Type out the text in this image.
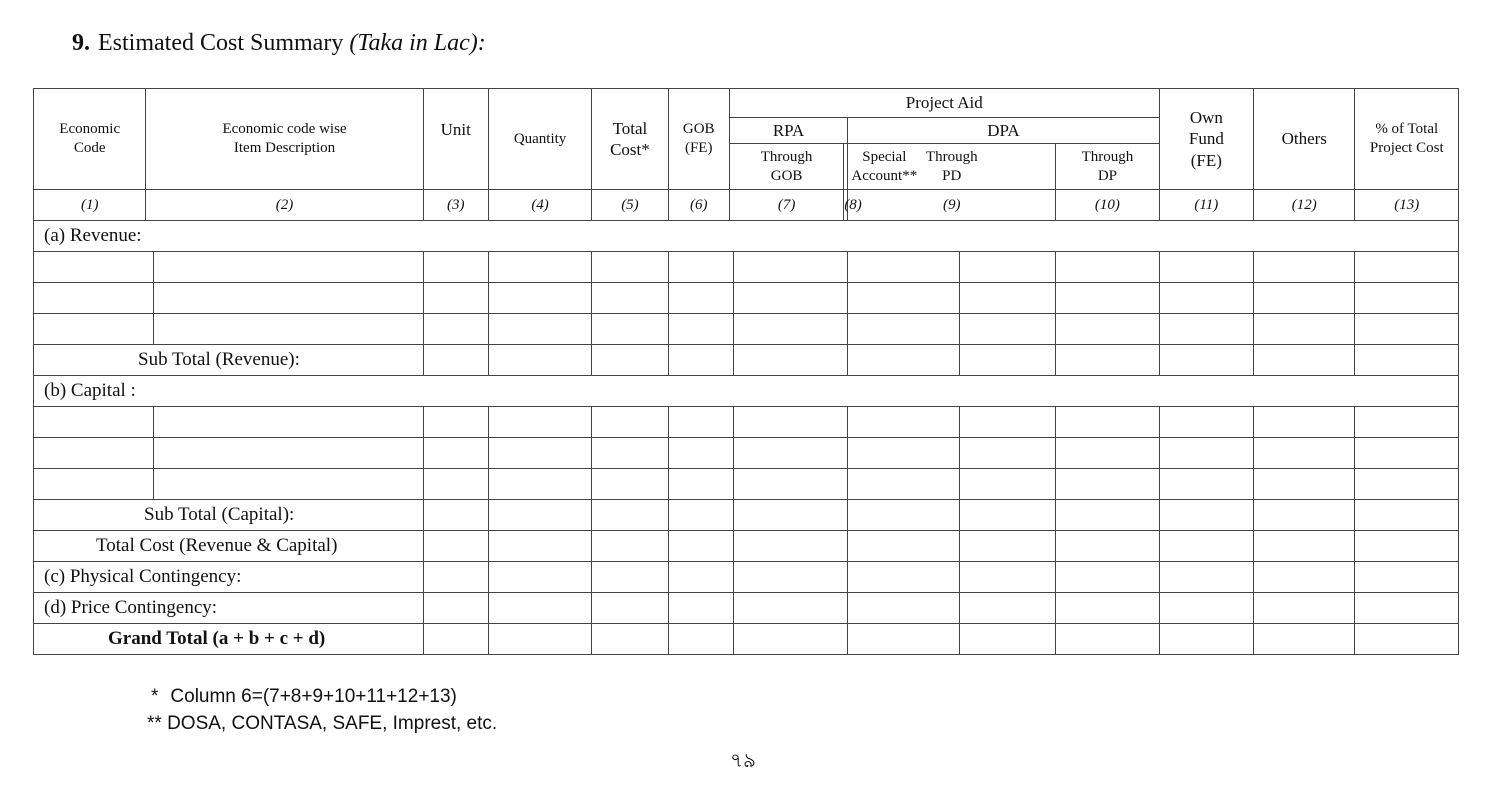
9. Estimated Cost Summary (Taka in Lac):
Economic Code	Economic code wise Item Description		Unit	Quantity	Total Cost*	GOB (FE)	Project Aid						Own Fund (FE)	Others	% of Total Project Cost

							RPA			DPA					

							Through GOB		Special Account**	Through PD		Through DP			

(1)	(2)		(3)	(4)	(5)	(6)	(7)		(8)	(9)		(10)	(11)	(12)	(13)
(a) Revenue:															

Sub Total (Revenue):															
(b) Capital :															

Sub Total (Capital):															
Total Cost (Revenue & Capital)															
(c) Physical Contingency:															
(d) Price Contingency:															
Grand Total (a + b + c + d)															
* Column 6=(7+8+9+10+11+12+13)
** DOSA, CONTASA, SAFE, Imprest, etc.
৭৯
